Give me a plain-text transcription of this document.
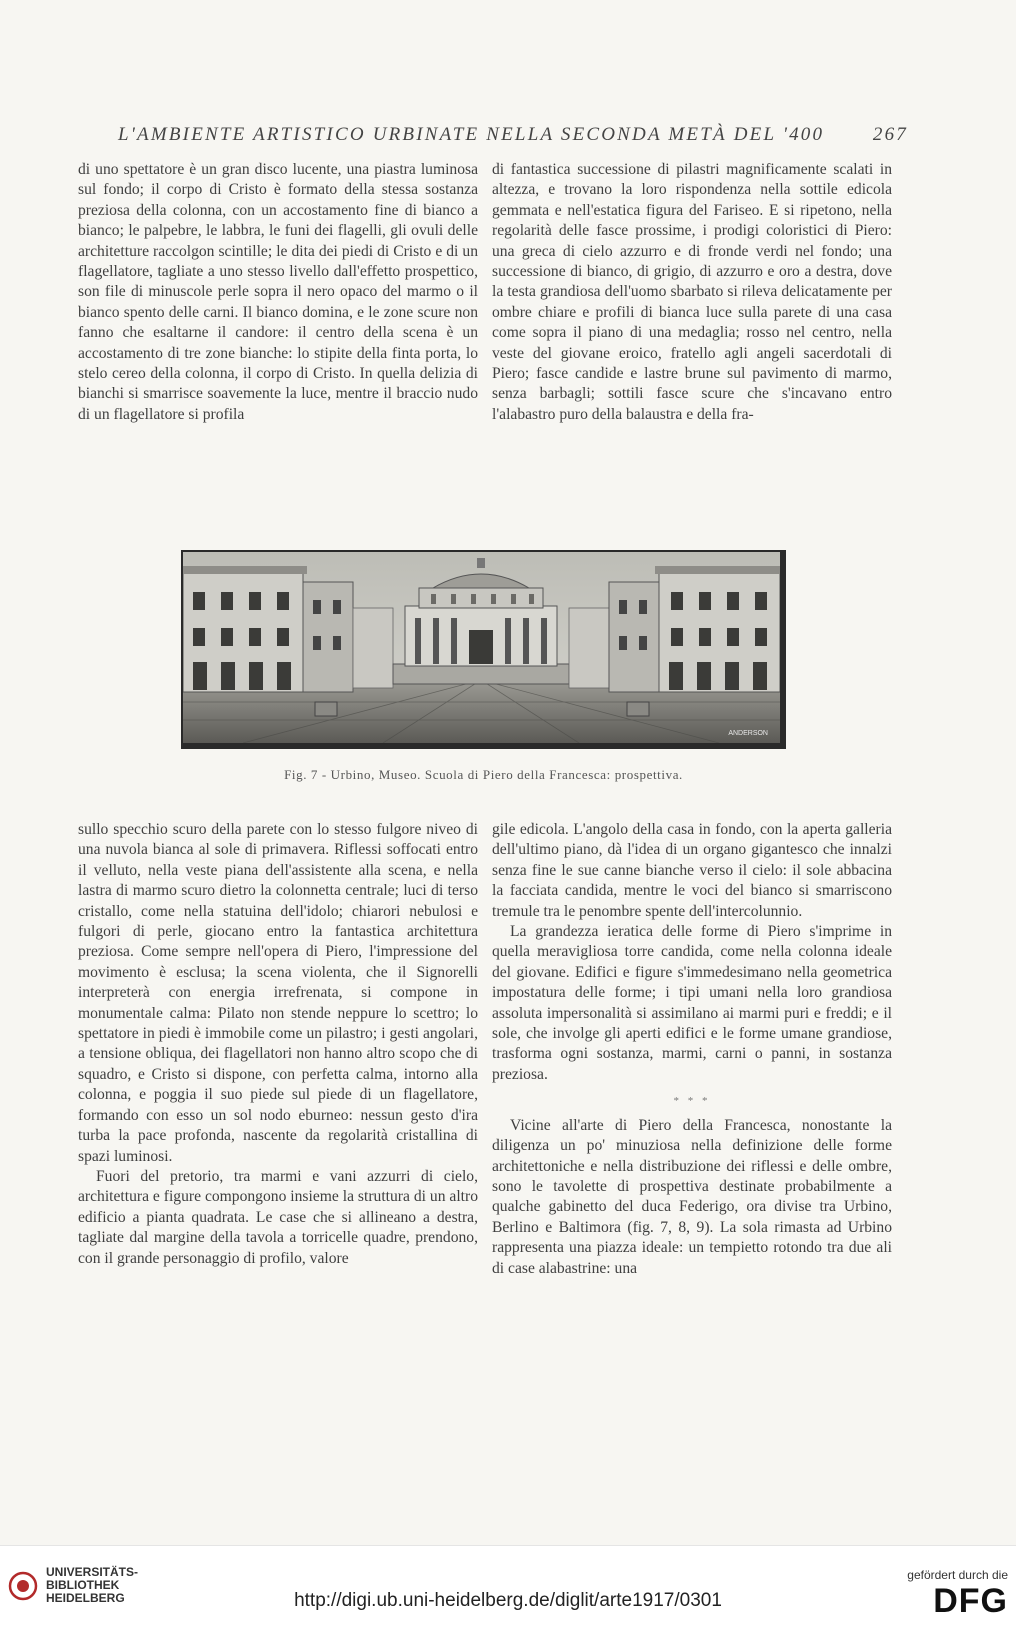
L'AMBIENTE ARTISTICO URBINATE NELLA SECONDA METÀ DEL '400	267

di uno spettatore è un gran disco lucente, una piastra luminosa sul fondo; il corpo di Cristo è formato della stessa sostanza preziosa della colonna, con un accostamento fine di bianco a bianco; le palpebre, le labbra, le funi dei flagelli, gli ovuli delle architetture raccolgon scintille; le dita dei piedi di Cristo e di un flagellatore, tagliate a uno stesso livello dall'effetto prospettico, son file di minuscole perle sopra il nero opaco del marmo o il bianco spento delle carni. Il bianco domina, e le zone scure non fanno che esaltarne il candore: il centro della scena è un accostamento di tre zone bianche: lo stipite della finta porta, lo stelo cereo della colonna, il corpo di Cristo. In quella delizia di bianchi si smarrisce soavemente la luce, mentre il braccio nudo di un flagellatore si profila

di fantastica successione di pilastri magnificamente scalati in altezza, e trovano la loro rispondenza nella sottile edicola gemmata e nell'estatica figura del Fariseo. E si ripetono, nella regolarità delle fasce prossime, i prodigi coloristici di Piero: una greca di cielo azzurro e di fronde verdi nel fondo; una successione di bianco, di grigio, di azzurro e oro a destra, dove la testa grandiosa dell'uomo sbarbato si rileva delicatamente per ombre chiare e profili di bianca luce sulla parete di una casa come sopra il piano di una medaglia; rosso nel centro, nella veste del giovane eroico, fratello agli angeli sacerdotali di Piero; fasce candide e lastre brune sul pavimento di marmo, senza barbagli; sottili fasce scure che s'incavano entro l'alabastro puro della balaustra e della fra-

ANDERSON
Fig. 7 - Urbino, Museo. Scuola di Piero della Francesca: prospettiva.

sullo specchio scuro della parete con lo stesso fulgore niveo di una nuvola bianca al sole di primavera. Riflessi soffocati entro il velluto, nella veste piana dell'assistente alla scena, e nella lastra di marmo scuro dietro la colonnetta centrale; luci di terso cristallo, come nella statuina dell'idolo; chiarori nebulosi e fulgori di perle, giocano entro la fantastica architettura preziosa. Come sempre nell'opera di Piero, l'impressione del movimento è esclusa; la scena violenta, che il Signorelli interpreterà con energia irrefrenata, si compone in monumentale calma: Pilato non stende neppure lo scettro; lo spettatore in piedi è immobile come un pilastro; i gesti angolari, a tensione obliqua, dei flagellatori non hanno altro scopo che di squadro, e Cristo si dispone, con perfetta calma, intorno alla colonna, e poggia il suo piede sul piede di un flagellatore, formando con esso un sol nodo eburneo: nessun gesto d'ira turba la pace profonda, nascente da regolarità cristallina di spazi luminosi.

Fuori del pretorio, tra marmi e vani azzurri di cielo, architettura e figure compongono insieme la struttura di un altro edificio a pianta quadrata. Le case che si allineano a destra, tagliate dal margine della tavola a torricelle quadre, prendono, con il grande personaggio di profilo, valore

gile edicola. L'angolo della casa in fondo, con la aperta galleria dell'ultimo piano, dà l'idea di un organo gigantesco che innalzi senza fine le sue canne bianche verso il cielo: il sole abbacina la facciata candida, mentre le voci del bianco si smarriscono tremule tra le penombre spente dell'intercolunnio.

La grandezza ieratica delle forme di Piero s'imprime in quella meravigliosa torre candida, come nella colonna ideale del giovane. Edifici e figure s'immedesimano nella geometrica impostatura delle forme; i tipi umani nella loro grandiosa assoluta impersonalità si assimilano ai marmi puri e freddi; e il sole, che involge gli aperti edifici e le forme umane grandiose, trasforma ogni sostanza, marmi, carni o panni, in sostanza preziosa.

* * *

Vicine all'arte di Piero della Francesca, nonostante la diligenza un po' minuziosa nella definizione delle forme architettoniche e nella distribuzione dei riflessi e delle ombre, sono le tavolette di prospettiva destinate probabilmente a qualche gabinetto del duca Federigo, ora divise tra Urbino, Berlino e Baltimora (fig. 7, 8, 9). La sola rimasta ad Urbino rappresenta una piazza ideale: un tempietto rotondo tra due ali di case alabastrine: una

UNIVERSITÄTS-
BIBLIOTHEK
HEIDELBERG	http://digi.ub.uni-heidelberg.de/diglit/arte1917/0301
gefördert durch die
DFG
